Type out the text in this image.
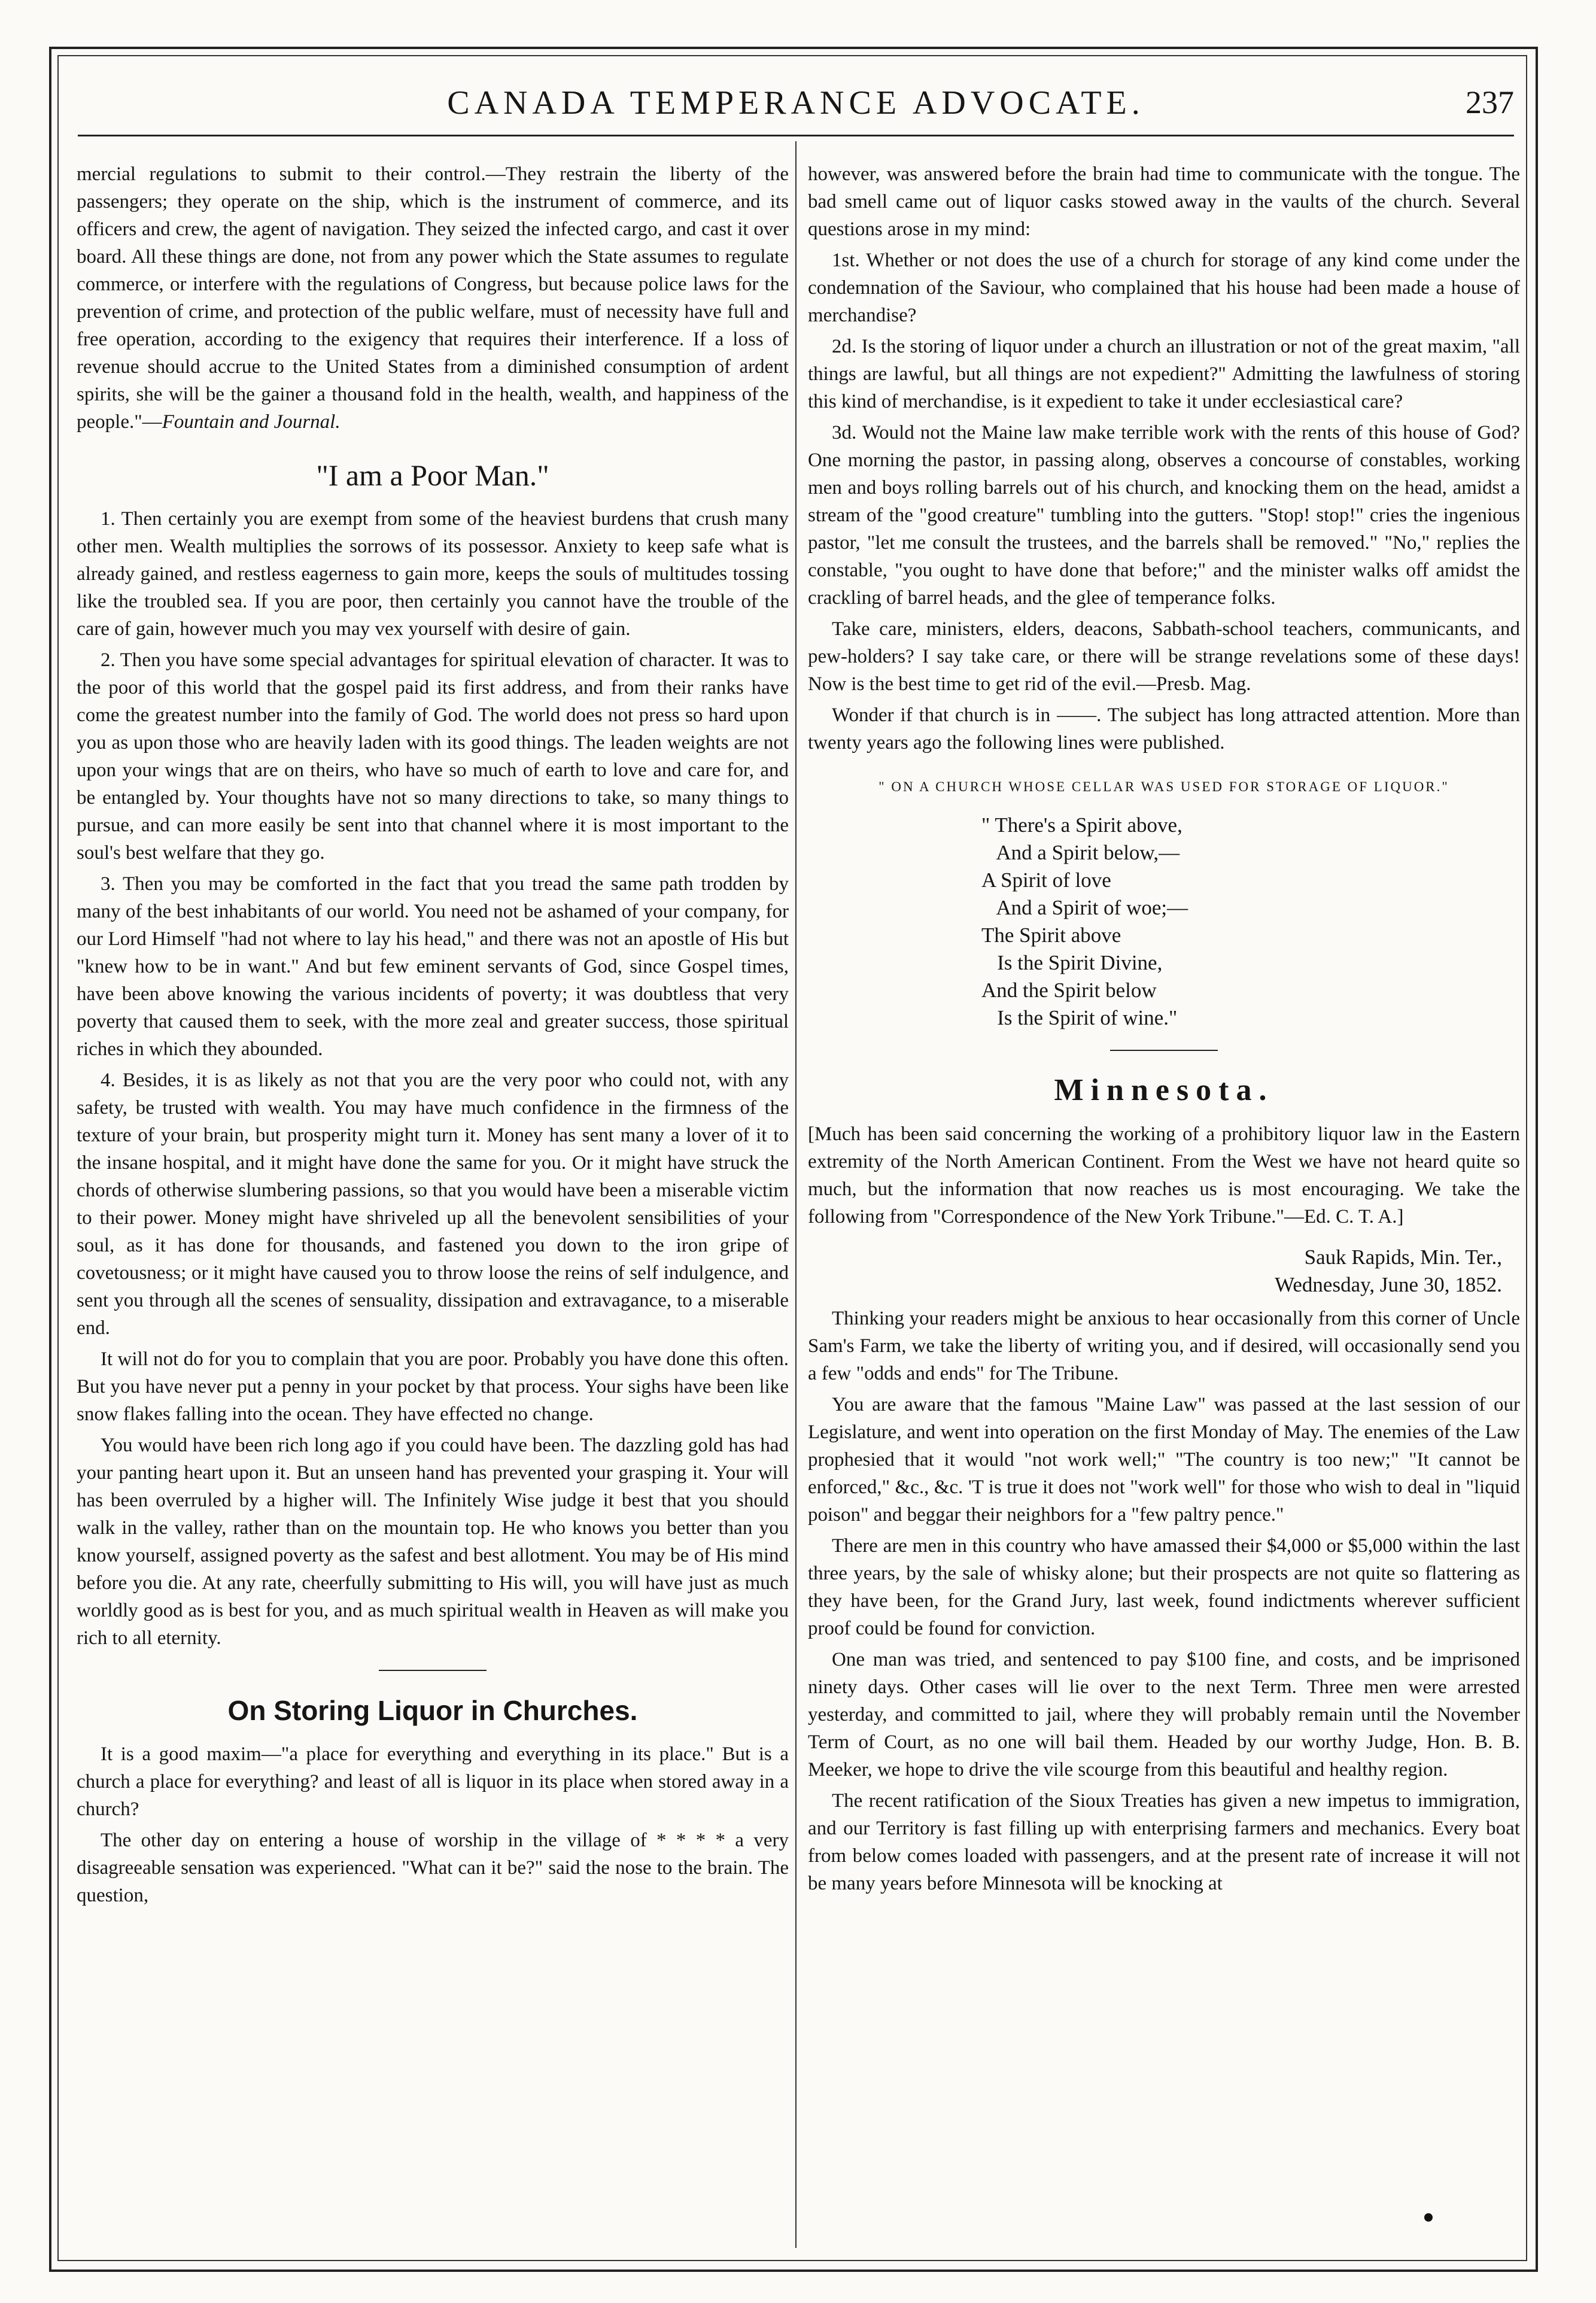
CANADA TEMPERANCE ADVOCATE.	237

mercial regulations to submit to their control.—They restrain the liberty of the passengers; they operate on the ship, which is the instrument of commerce, and its officers and crew, the agent of navigation. They seized the infected cargo, and cast it over board. All these things are done, not from any power which the State assumes to regulate commerce, or interfere with the regulations of Congress, but because police laws for the prevention of crime, and protection of the public welfare, must of necessity have full and free operation, according to the exigency that requires their interference. If a loss of revenue should accrue to the United States from a diminished consumption of ardent spirits, she will be the gainer a thousand fold in the health, wealth, and happiness of the people."—Fountain and Journal.

"I am a Poor Man."

1. Then certainly you are exempt from some of the heaviest burdens that crush many other men. Wealth multiplies the sorrows of its possessor. Anxiety to keep safe what is already gained, and restless eagerness to gain more, keeps the souls of multitudes tossing like the troubled sea. If you are poor, then certainly you cannot have the trouble of the care of gain, however much you may vex yourself with desire of gain.

2. Then you have some special advantages for spiritual elevation of character. It was to the poor of this world that the gospel paid its first address, and from their ranks have come the greatest number into the family of God. The world does not press so hard upon you as upon those who are heavily laden with its good things. The leaden weights are not upon your wings that are on theirs, who have so much of earth to love and care for, and be entangled by. Your thoughts have not so many directions to take, so many things to pursue, and can more easily be sent into that channel where it is most important to the soul's best welfare that they go.

3. Then you may be comforted in the fact that you tread the same path trodden by many of the best inhabitants of our world. You need not be ashamed of your company, for our Lord Himself "had not where to lay his head," and there was not an apostle of His but "knew how to be in want." And but few eminent servants of God, since Gospel times, have been above knowing the various incidents of poverty; it was doubtless that very poverty that caused them to seek, with the more zeal and greater success, those spiritual riches in which they abounded.

4. Besides, it is as likely as not that you are the very poor who could not, with any safety, be trusted with wealth. You may have much confidence in the firmness of the texture of your brain, but prosperity might turn it. Money has sent many a lover of it to the insane hospital, and it might have done the same for you. Or it might have struck the chords of otherwise slumbering passions, so that you would have been a miserable victim to their power. Money might have shriveled up all the benevolent sensibilities of your soul, as it has done for thousands, and fastened you down to the iron gripe of covetousness; or it might have caused you to throw loose the reins of self indulgence, and sent you through all the scenes of sensuality, dissipation and extravagance, to a miserable end.

It will not do for you to complain that you are poor. Probably you have done this often. But you have never put a penny in your pocket by that process. Your sighs have been like snow flakes falling into the ocean. They have effected no change.

You would have been rich long ago if you could have been. The dazzling gold has had your panting heart upon it. But an unseen hand has prevented your grasping it. Your will has been overruled by a higher will. The Infinitely Wise judge it best that you should walk in the valley, rather than on the mountain top. He who knows you better than you know yourself, assigned poverty as the safest and best allotment. You may be of His mind before you die. At any rate, cheerfully submitting to His will, you will have just as much worldly good as is best for you, and as much spiritual wealth in Heaven as will make you rich to all eternity.

On Storing Liquor in Churches.

It is a good maxim—"a place for everything and everything in its place." But is a church a place for everything? and least of all is liquor in its place when stored away in a church?

The other day on entering a house of worship in the village of * * * * a very disagreeable sensation was experienced. "What can it be?" said the nose to the brain. The question,

however, was answered before the brain had time to communicate with the tongue. The bad smell came out of liquor casks stowed away in the vaults of the church. Several questions arose in my mind:

1st. Whether or not does the use of a church for storage of any kind come under the condemnation of the Saviour, who complained that his house had been made a house of merchandise?

2d. Is the storing of liquor under a church an illustration or not of the great maxim, "all things are lawful, but all things are not expedient?" Admitting the lawfulness of storing this kind of merchandise, is it expedient to take it under ecclesiastical care?

3d. Would not the Maine law make terrible work with the rents of this house of God? One morning the pastor, in passing along, observes a concourse of constables, working men and boys rolling barrels out of his church, and knocking them on the head, amidst a stream of the "good creature" tumbling into the gutters. "Stop! stop!" cries the ingenious pastor, "let me consult the trustees, and the barrels shall be removed." "No," replies the constable, "you ought to have done that before;" and the minister walks off amidst the crackling of barrel heads, and the glee of temperance folks.

Take care, ministers, elders, deacons, Sabbath-school teachers, communicants, and pew-holders? I say take care, or there will be strange revelations some of these days! Now is the best time to get rid of the evil.—Presb. Mag.

Wonder if that church is in ——. The subject has long attracted attention. More than twenty years ago the following lines were published.

" ON A CHURCH WHOSE CELLAR WAS USED FOR STORAGE OF LIQUOR."
" There's a Spirit above,
And a Spirit below,—
A Spirit of love
And a Spirit of woe;—
The Spirit above
Is the Spirit Divine,
And the Spirit below
Is the Spirit of wine."
Minnesota.

[Much has been said concerning the working of a prohibitory liquor law in the Eastern extremity of the North American Continent. From the West we have not heard quite so much, but the information that now reaches us is most encouraging. We take the following from "Correspondence of the New York Tribune."—Ed. C. T. A.]

Sauk Rapids, Min. Ter.,
Wednesday, June 30, 1852.

Thinking your readers might be anxious to hear occasionally from this corner of Uncle Sam's Farm, we take the liberty of writing you, and if desired, will occasionally send you a few "odds and ends" for The Tribune.

You are aware that the famous "Maine Law" was passed at the last session of our Legislature, and went into operation on the first Monday of May. The enemies of the Law prophesied that it would "not work well;" "The country is too new;" "It cannot be enforced," &c., &c. 'T is true it does not "work well" for those who wish to deal in "liquid poison" and beggar their neighbors for a "few paltry pence."

There are men in this country who have amassed their $4,000 or $5,000 within the last three years, by the sale of whisky alone; but their prospects are not quite so flattering as they have been, for the Grand Jury, last week, found indictments wherever sufficient proof could be found for conviction.

One man was tried, and sentenced to pay $100 fine, and costs, and be imprisoned ninety days. Other cases will lie over to the next Term. Three men were arrested yesterday, and committed to jail, where they will probably remain until the November Term of Court, as no one will bail them. Headed by our worthy Judge, Hon. B. B. Meeker, we hope to drive the vile scourge from this beautiful and healthy region.

The recent ratification of the Sioux Treaties has given a new impetus to immigration, and our Territory is fast filling up with enterprising farmers and mechanics. Every boat from below comes loaded with passengers, and at the present rate of increase it will not be many years before Minnesota will be knocking at
